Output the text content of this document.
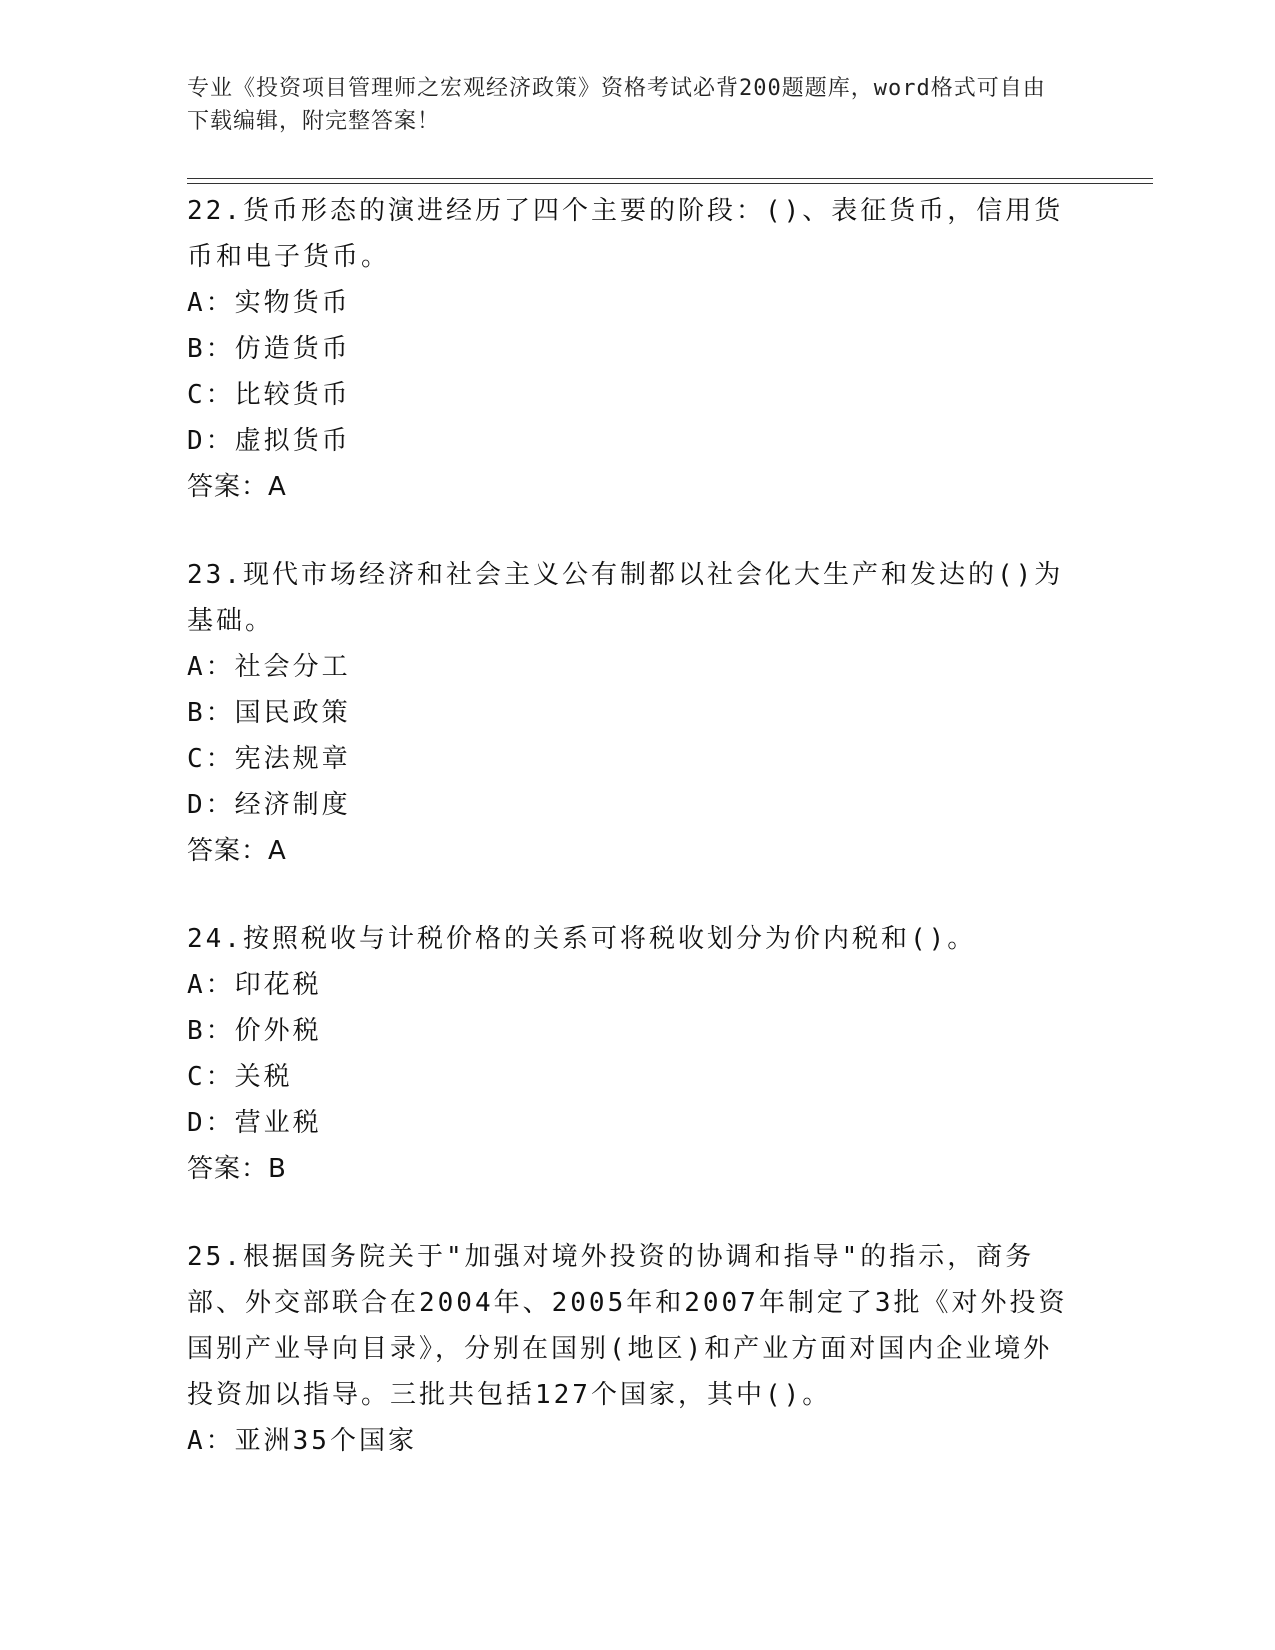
专业《投资项目管理师之宏观经济政策》资格考试必背200题题库，word格式可自由下载编辑，附完整答案！

22.货币形态的演进经历了四个主要的阶段：()、表征货币，信用货币和电子货币。

A：实物货币

B：仿造货币

C：比较货币

D：虚拟货币

答案：A

23.现代市场经济和社会主义公有制都以社会化大生产和发达的()为基础。

A：社会分工

B：国民政策

C：宪法规章

D：经济制度

答案：A

24.按照税收与计税价格的关系可将税收划分为价内税和()。

A：印花税

B：价外税

C：关税

D：营业税

答案：B

25.根据国务院关于"加强对境外投资的协调和指导"的指示，商务部、外交部联合在2004年、2005年和2007年制定了3批《对外投资国别产业导向目录》，分别在国别(地区)和产业方面对国内企业境外投资加以指导。三批共包括127个国家，其中()。

A：亚洲35个国家
